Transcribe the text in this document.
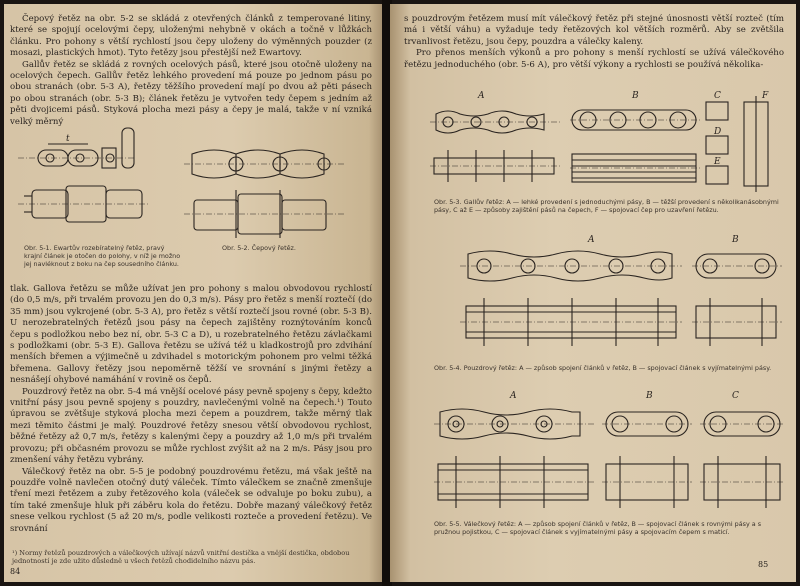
Čepový řetěz na obr. 5-2 se skládá z otevřených článků z temperované litiny, které se spojují ocelovými čepy, uloženými nehybně v okách a točně v lůžkách článku. Pro pohony s větší rychlostí jsou čepy uloženy do výměnných pouzder (z mosazi, plastických hmot). Tyto řetězy jsou přestější než Ewartovy.

Gallův řetěz se skládá z rovných ocelových pásů, které jsou otočně uloženy na ocelových čepech. Gallův řetěz lehkého provedení má pouze po jednom pásu po obou stranách (obr. 5-3 A), řetězy těžšího provedení mají po dvou až pěti pásech po obou stranách (obr. 5-3 B); článek řetězu je vytvořen tedy čepem s jedním až pěti dvojicemi pásů. Styková plocha mezi pásy a čepy je malá, takže v ní vzniká velký měrný

t
Obr. 5-1. Ewartův rozebíratelný řetěz, pravý krajní článek je otočen do polohy, v níž je možno jej navléknout z boku na čep sousedního článku.
Obr. 5-2. Čepový řetěz.

tlak. Gallova řetězu se může užívat jen pro pohony s malou obvodovou rychlostí (do 0,5 m/s, při trvalém provozu jen do 0,3 m/s). Pásy pro řetěz s menší roztečí (do 35 mm) jsou vykrojené (obr. 5-3 A), pro řetěz s větší roztečí jsou rovné (obr. 5-3 B). U nerozebratelných řetězů jsou pásy na čepech zajištěny roznýtováním konců čepu s podložkou nebo bez ní, obr. 5-3 C a D), u rozebratelného řetězu závlačkami s podložkami (obr. 5-3 E). Gallova řetězu se užívá též u kladkostrojů pro zdvihání menších břemen a výjimečně u zdvihadel s motorickým pohonem pro velmi těžká břemena. Gallovy řetězy jsou nepoměrně těžší ve srovnání s jinými řetězy a nesnášejí ohybové namáhání v rovině os čepů.

Pouzdrový řetěz na obr. 5-4 má vnější ocelové pásy pevně spojeny s čepy, kdežto vnitřní pásy jsou pevně spojeny s pouzdry, navlečenými volně na čepech.¹) Touto úpravou se zvětšuje styková plocha mezi čepem a pouzdrem, takže měrný tlak mezi těmito částmi je malý. Pouzdrové řetězy snesou větší obvodovou rychlost, běžné řetězy až 0,7 m/s, řetězy s kalenými čepy a pouzdry až 1,0 m/s při trvalém provozu; při občasném provozu se může rychlost zvýšit až na 2 m/s. Pásy jsou pro zmenšení váhy řetězu vybrány.

Válečkový řetěz na obr. 5-5 je podobný pouzdrovému řetězu, má však ještě na pouzdře volně navlečen otočný dutý váleček. Tímto válečkem se značně zmenšuje tření mezi řetězem a zuby řetězového kola (váleček se odvaluje po boku zubu), a tím také zmenšuje hluk při záběru kola do řetězu. Dobře mazaný válečkový řetěz snese velkou rychlost (5 až 20 m/s, podle velikosti rozteče a provedení řetězu). Ve srovnání

¹) Normy řetězů pouzdrových a válečkových užívají názvů vnitřní destička a vnější destička, obdobou jednotností je zde užito důsledně u všech řetězů chodidelního názvu pás.
84

s pouzdrovým řetězem musí mít válečkový řetěz při stejné únosnosti větší rozteč (tím má i větší váhu) a vyžaduje tedy řetězových kol větších rozměrů. Aby se zvětšila trvanlivost řetězu, jsou čepy, pouzdra a válečky kaleny.

Pro přenos menších výkonů a pro pohony s menší rychlostí se užívá válečkového řetězu jednoduchého (obr. 5-6 A), pro větší výkony a rychlosti se používá několika-

A	B	C
D
E
F
Obr. 5-3. Gallův řetěz: A — lehké provedení s jednoduchými pásy, B — těžší provedení s několikanásobnými pásy, C až E — způsoby zajištění pásů na čepech, F — spojovací čep pro uzavření řetězu.
A	B
Obr. 5-4. Pouzdrový řetěz: A — způsob spojení článků v řetěz, B — spojovací článek s vyjímatelnými pásy.
A	B	C
Obr. 5-5. Válečkový řetěz: A — způsob spojení článků v řetěz, B — spojovací článek s rovnými pásy a s pružnou pojistkou, C — spojovací článek s vyjímatelnými pásy a spojovacím čepem s maticí.
85
